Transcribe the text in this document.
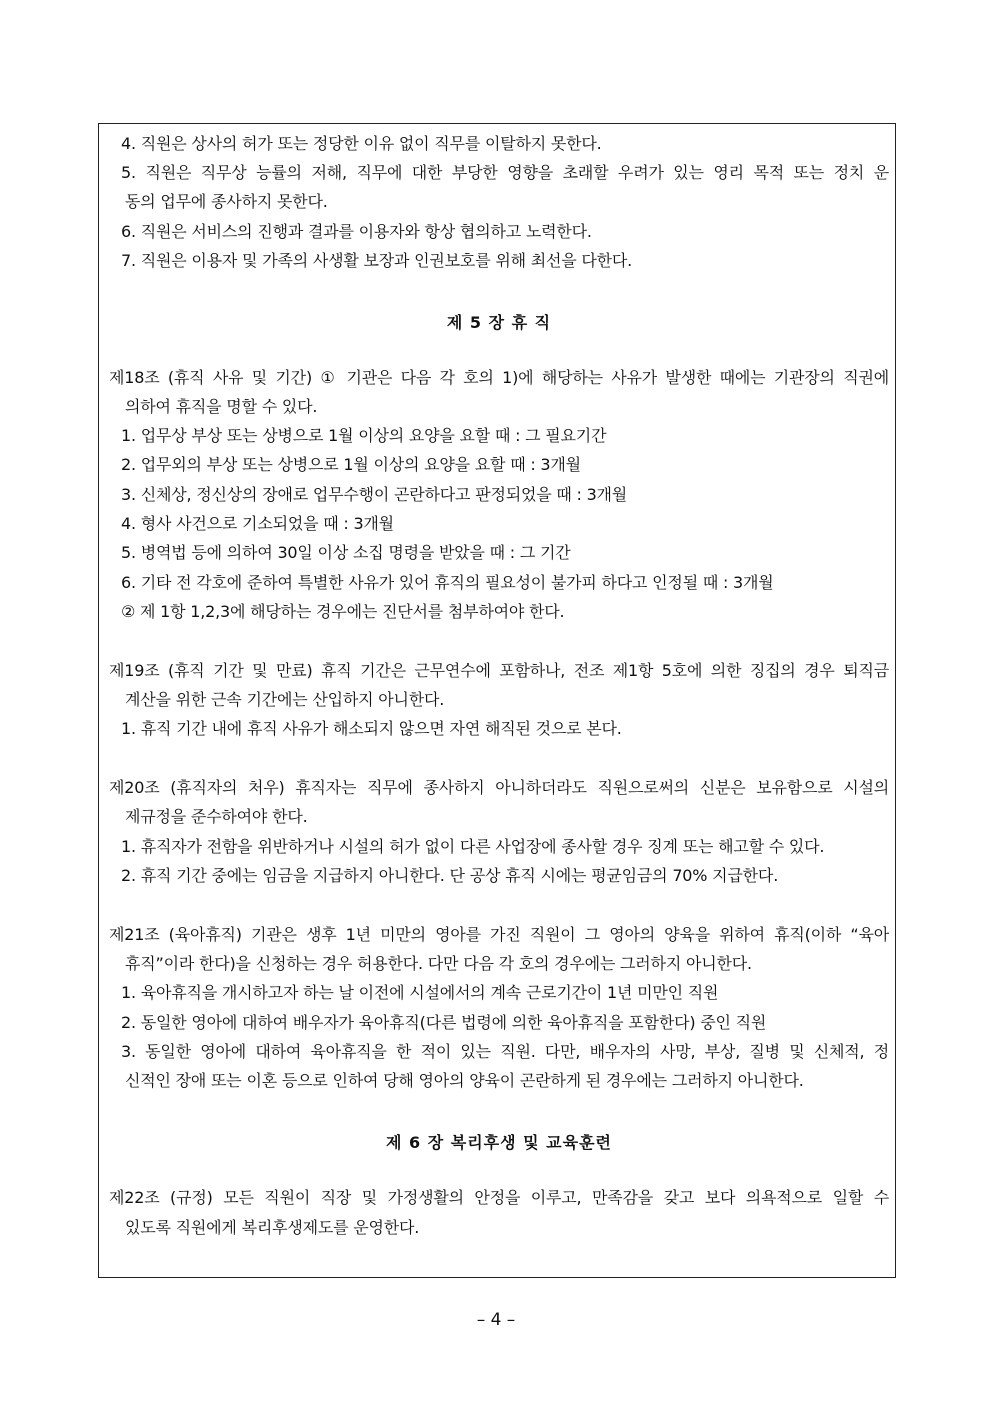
4. 직원은 상사의 허가 또는 정당한 이유 없이 직무를 이탈하지 못한다.
5. 직원은 직무상 능률의 저해, 직무에 대한 부당한 영향을 초래할 우려가 있는 영리 목적 또는 정치 운
동의 업무에 종사하지 못한다.
6. 직원은 서비스의 진행과 결과를 이용자와 항상 협의하고 노력한다.
7. 직원은 이용자 및 가족의 사생활 보장과 인권보호를 위해 최선을 다한다.
제 5 장 휴 직
제18조 (휴직 사유 및 기간) ① 기관은 다음 각 호의 1)에 해당하는 사유가 발생한 때에는 기관장의 직권에
의하여 휴직을 명할 수 있다.
1. 업무상 부상 또는 상병으로 1월 이상의 요양을 요할 때 : 그 필요기간
2. 업무외의 부상 또는 상병으로 1월 이상의 요양을 요할 때 : 3개월
3. 신체상, 정신상의 장애로 업무수행이 곤란하다고 판정되었을 때 : 3개월
4. 형사 사건으로 기소되었을 때 : 3개월
5. 병역법 등에 의하여 30일 이상 소집 명령을 받았을 때 : 그 기간
6. 기타 전 각호에 준하여 특별한 사유가 있어 휴직의 필요성이 불가피 하다고 인정될 때 : 3개월
② 제 1항 1,2,3에 해당하는 경우에는 진단서를 첨부하여야 한다.
제19조 (휴직 기간 및 만료) 휴직 기간은 근무연수에 포함하나, 전조 제1항 5호에 의한 징집의 경우 퇴직금
계산을 위한 근속 기간에는 산입하지 아니한다.
1. 휴직 기간 내에 휴직 사유가 해소되지 않으면 자연 해직된 것으로 본다.
제20조 (휴직자의 처우) 휴직자는 직무에 종사하지 아니하더라도 직원으로써의 신분은 보유함으로 시설의
제규정을 준수하여야 한다.
1. 휴직자가 전함을 위반하거나 시설의 허가 없이 다른 사업장에 종사할 경우 징계 또는 해고할 수 있다.
2. 휴직 기간 중에는 임금을 지급하지 아니한다. 단 공상 휴직 시에는 평균임금의 70% 지급한다.
제21조 (육아휴직) 기관은 생후 1년 미만의 영아를 가진 직원이 그 영아의 양육을 위하여 휴직(이하 “육아
휴직”이라 한다)을 신청하는 경우 허용한다. 다만 다음 각 호의 경우에는 그러하지 아니한다.
1. 육아휴직을 개시하고자 하는 날 이전에 시설에서의 계속 근로기간이 1년 미만인 직원
2. 동일한 영아에 대하여 배우자가 육아휴직(다른 법령에 의한 육아휴직을 포함한다) 중인 직원
3. 동일한 영아에 대하여 육아휴직을 한 적이 있는 직원. 다만, 배우자의 사망, 부상, 질병 및 신체적, 정
신적인 장애 또는 이혼 등으로 인하여 당해 영아의 양육이 곤란하게 된 경우에는 그러하지 아니한다.
제 6 장 복리후생 및 교육훈련
제22조 (규정) 모든 직원이 직장 및 가정생활의 안정을 이루고, 만족감을 갖고 보다 의욕적으로 일할 수
있도록 직원에게 복리후생제도를 운영한다.
– 4 –
